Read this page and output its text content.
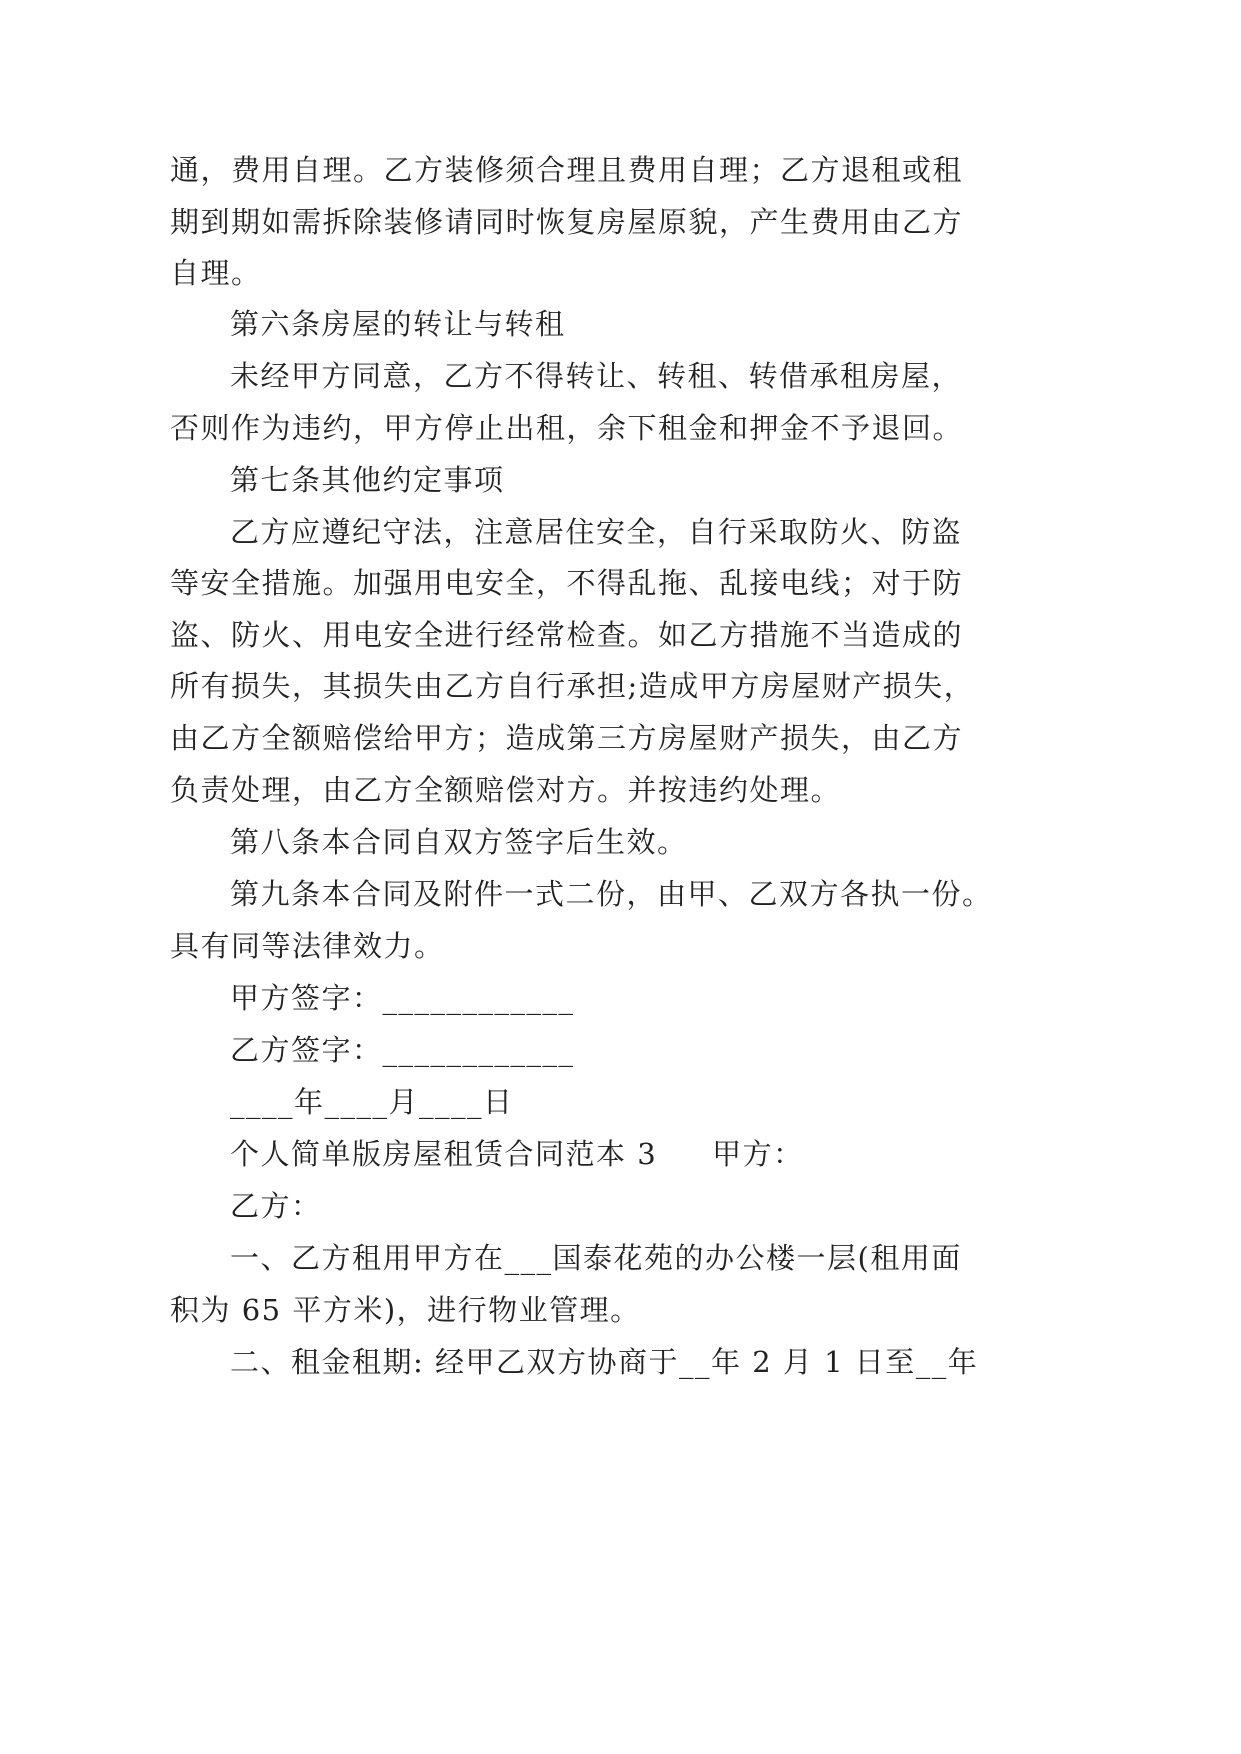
通，费用自理。乙方装修须合理且费用自理；乙方退租或租
期到期如需拆除装修请同时恢复房屋原貌，产生费用由乙方
自理。
第六条房屋的转让与转租
未经甲方同意，乙方不得转让、转租、转借承租房屋，
否则作为违约，甲方停止出租，余下租金和押金不予退回。
第七条其他约定事项
乙方应遵纪守法，注意居住安全，自行采取防火、防盗
等安全措施。加强用电安全，不得乱拖、乱接电线；对于防
盗、防火、用电安全进行经常检查。如乙方措施不当造成的
所有损失，其损失由乙方自行承担;造成甲方房屋财产损失，
由乙方全额赔偿给甲方；造成第三方房屋财产损失，由乙方
负责处理，由乙方全额赔偿对方。并按违约处理。
第八条本合同自双方签字后生效。
第九条本合同及附件一式二份，由甲、乙双方各执一份。
具有同等法律效力。
甲方签字：____________
乙方签字：____________
____年____月____日
个人简单版房屋租赁合同范本 3 甲方：
乙方：
一、乙方租用甲方在___国泰花苑的办公楼一层(租用面
积为 65 平方米)，进行物业管理。
二、租金租期: 经甲乙双方协商于__年 2 月 1 日至__年
